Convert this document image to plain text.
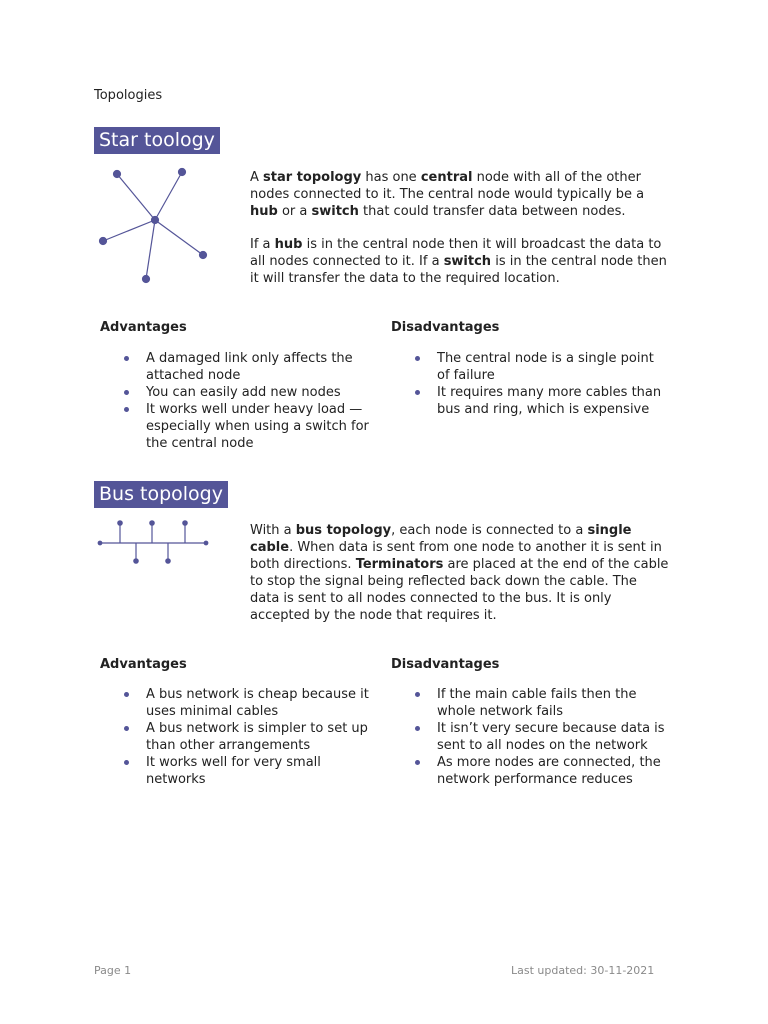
Topologies
Star toology

A star topology has one central node with all of the other nodes connected to it. The central node would typically be a hub or a switch that could transfer data between nodes.

If a hub is in the central node then it will broadcast the data to all nodes connected to it. If a switch is in the central node then it will transfer the data to the required location.

Advantages	Disadvantages
A damaged link only affects the attached node
You can easily add new nodes
It works well under heavy load — especially when using a switch for the central node
The central node is a single point of failure
It requires many more cables than bus and ring, which is expensive
Bus topology

With a bus topology, each node is connected to a single cable. When data is sent from one node to another it is sent in both directions. Terminators are placed at the end of the cable to stop the signal being reflected back down the cable. The data is sent to all nodes connected to the bus. It is only accepted by the node that requires it.

Advantages	Disadvantages
A bus network is cheap because it uses minimal cables
A bus network is simpler to set up than other arrangements
It works well for very small networks
If the main cable fails then the whole network fails
It isn’t very secure because data is sent to all nodes on the network
As more nodes are connected, the network performance reduces
Page 1	Last updated: 30-11-2021
